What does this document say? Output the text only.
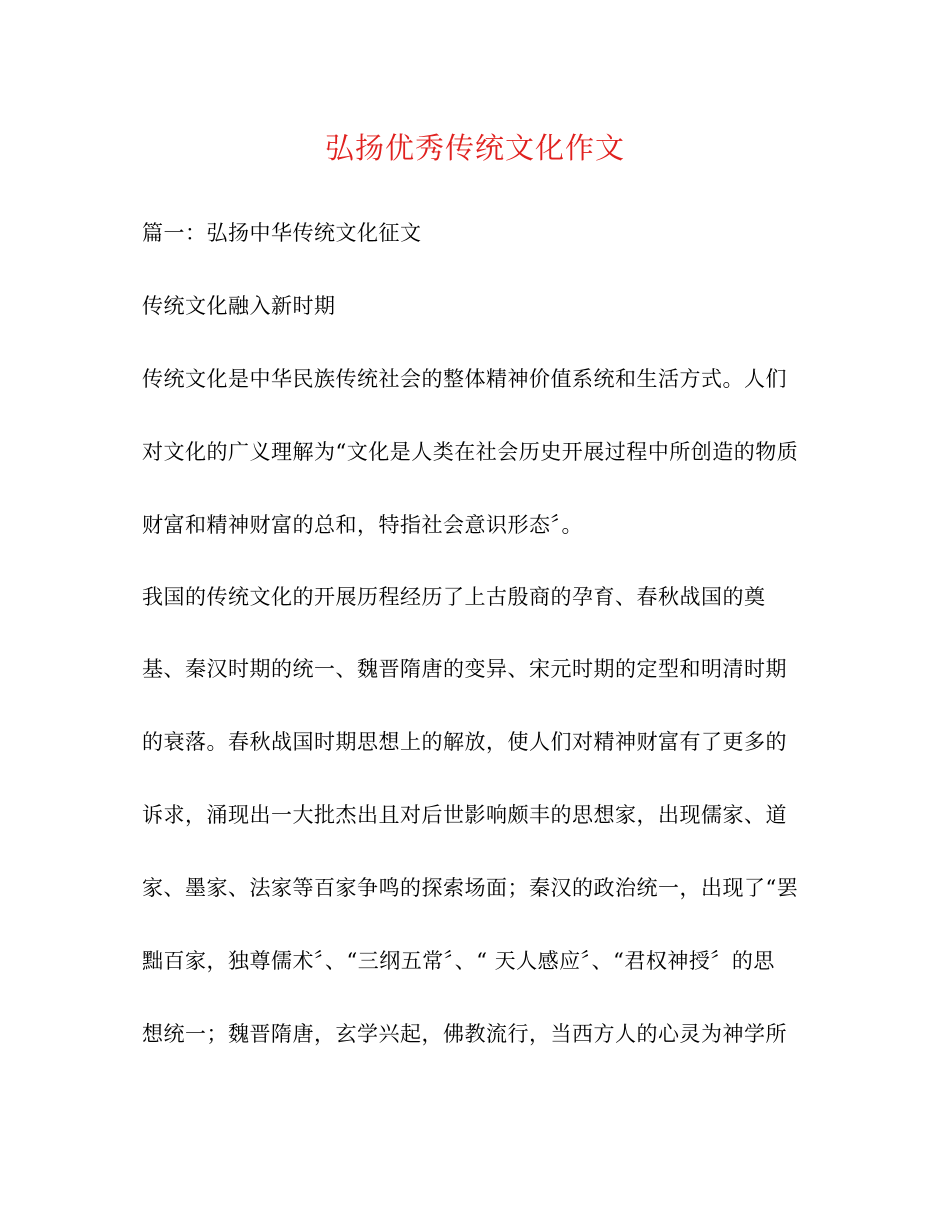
弘扬优秀传统文化作文
篇一：弘扬中华传统文化征文
传统文化融入新时期
传统文化是中华民族传统社会的整体精神价值系统和生活方式。人们
对文化的广义理解为“文化是人类在社会历史开展过程中所创造的物质
财富和精神财富的总和，特指社会意识形态〞。
我国的传统文化的开展历程经历了上古殷商的孕育、春秋战国的奠
基、秦汉时期的统一、魏晋隋唐的变异、宋元时期的定型和明清时期
的衰落。春秋战国时期思想上的解放，使人们对精神财富有了更多的
诉求，涌现出一大批杰出且对后世影响颇丰的思想家，出现儒家、道
家、墨家、法家等百家争鸣的探索场面；秦汉的政治统一，出现了“罢
黜百家，独尊儒术〞、“三纲五常〞、“ 天人感应〞、“君权神授〞的思
想统一；魏晋隋唐，玄学兴起，佛教流行，当西方人的心灵为神学所
